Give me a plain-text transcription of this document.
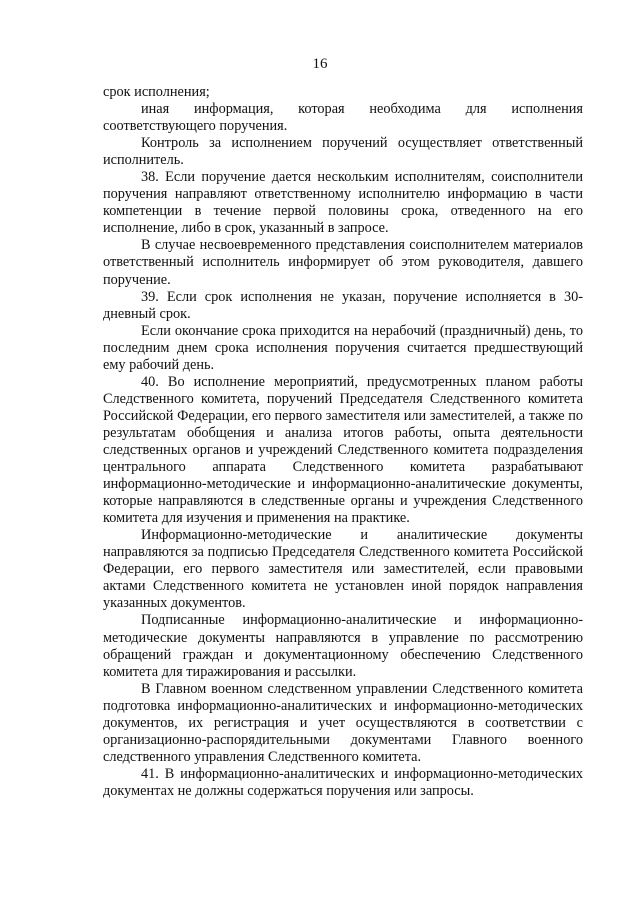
16

срок исполнения;

иная информация, которая необходима для исполнения соответствующего поручения.

Контроль за исполнением поручений осуществляет ответственный исполнитель.

38. Если поручение дается нескольким исполнителям, соисполнители поручения направляют ответственному исполнителю информацию в части компетенции в течение первой половины срока, отведенного на его исполнение, либо в срок, указанный в запросе.

В случае несвоевременного представления соисполнителем материалов ответственный исполнитель информирует об этом руководителя, давшего поручение.

39. Если срок исполнения не указан, поручение исполняется в 30-дневный срок.

Если окончание срока приходится на нерабочий (праздничный) день, то последним днем срока исполнения поручения считается предшествующий ему рабочий день.

40. Во исполнение мероприятий, предусмотренных планом работы Следственного комитета, поручений Председателя Следственного комитета Российской Федерации, его первого заместителя или заместителей, а также по результатам обобщения и анализа итогов работы, опыта деятельности следственных органов и учреждений Следственного комитета подразделения центрального аппарата Следственного комитета разрабатывают информационно-методические и информационно-аналитические документы, которые направляются в следственные органы и учреждения Следственного комитета для изучения и применения на практике.

Информационно-методические и аналитические документы направляются за подписью Председателя Следственного комитета Российской Федерации, его первого заместителя или заместителей, если правовыми актами Следственного комитета не установлен иной порядок направления указанных документов.

Подписанные информационно-аналитические и информационно-методические документы направляются в управление по рассмотрению обращений граждан и документационному обеспечению Следственного комитета для тиражирования и рассылки.

В Главном военном следственном управлении Следственного комитета подготовка информационно-аналитических и информационно-методических документов, их регистрация и учет осуществляются в соответствии с организационно-распорядительными документами Главного военного следственного управления Следственного комитета.

41. В информационно-аналитических и информационно-методических документах не должны содержаться поручения или запросы.
